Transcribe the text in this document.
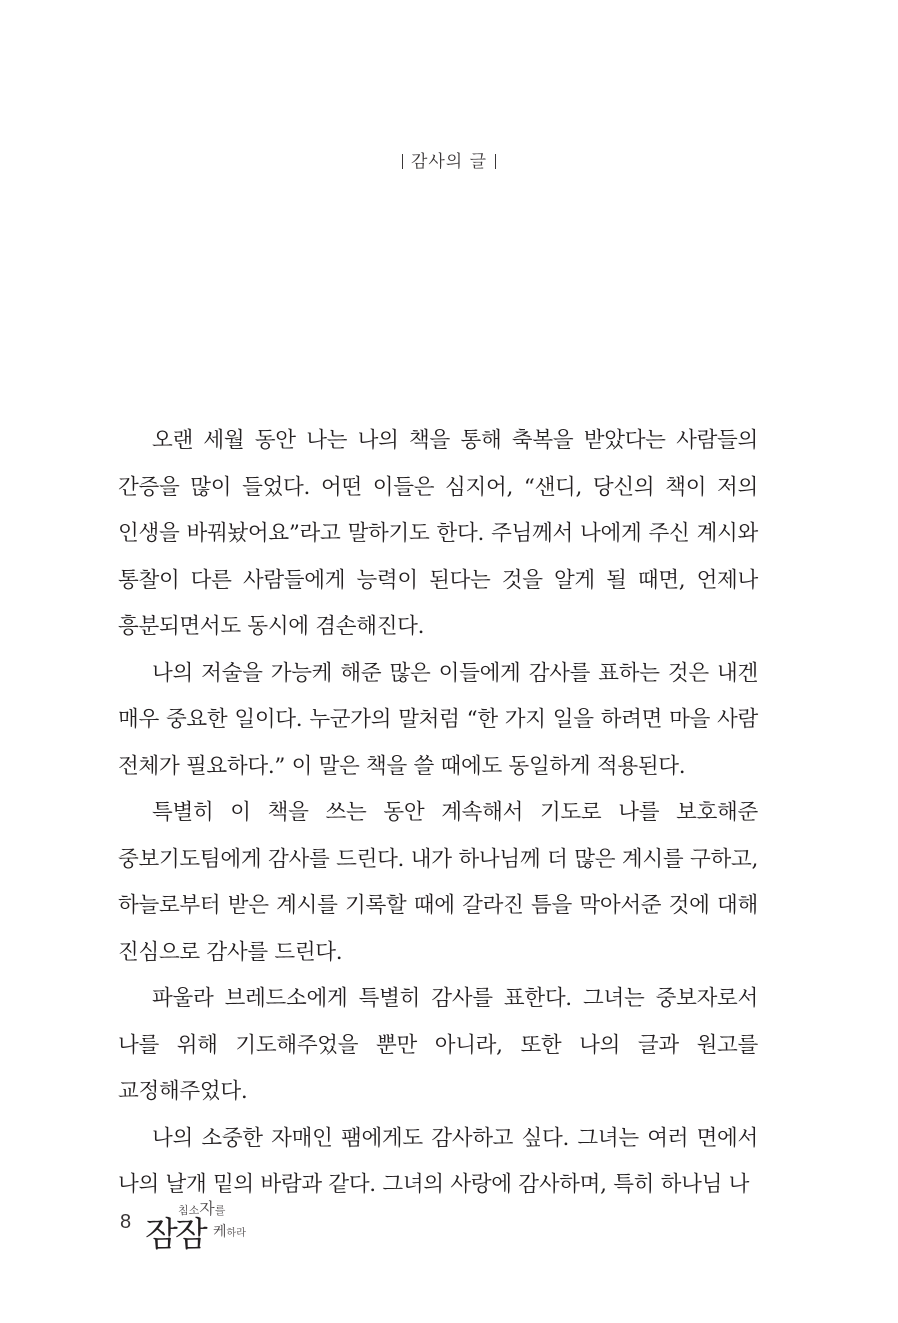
감사의 글

오랜 세월 동안 나는 나의 책을 통해 축복을 받았다는 사람들의 간증을 많이 들었다. 어떤 이들은 심지어, “샌디, 당신의 책이 저의 인생을 바꿔놨어요”라고 말하기도 한다. 주님께서 나에게 주신 계시와 통찰이 다른 사람들에게 능력이 된다는 것을 알게 될 때면, 언제나 흥분되면서도 동시에 겸손해진다.

나의 저술을 가능케 해준 많은 이들에게 감사를 표하는 것은 내겐 매우 중요한 일이다. 누군가의 말처럼 “한 가지 일을 하려면 마을 사람 전체가 필요하다.” 이 말은 책을 쓸 때에도 동일하게 적용된다.

특별히 이 책을 쓰는 동안 계속해서 기도로 나를 보호해준 중보기도팀에게 감사를 드린다. 내가 하나님께 더 많은 계시를 구하고, 하늘로부터 받은 계시를 기록할 때에 갈라진 틈을 막아서준 것에 대해 진심으로 감사를 드린다.

파울라 브레드소에게 특별히 감사를 표한다. 그녀는 중보자로서 나를 위해 기도해주었을 뿐만 아니라, 또한 나의 글과 원고를 교정해주었다.

나의 소중한 자매인 팸에게도 감사하고 싶다. 그녀는 여러 면에서 나의 날개 밑의 바람과 같다. 그녀의 사랑에 감사하며, 특히 하나님 나

8
침소자를
잠잠 케하라
